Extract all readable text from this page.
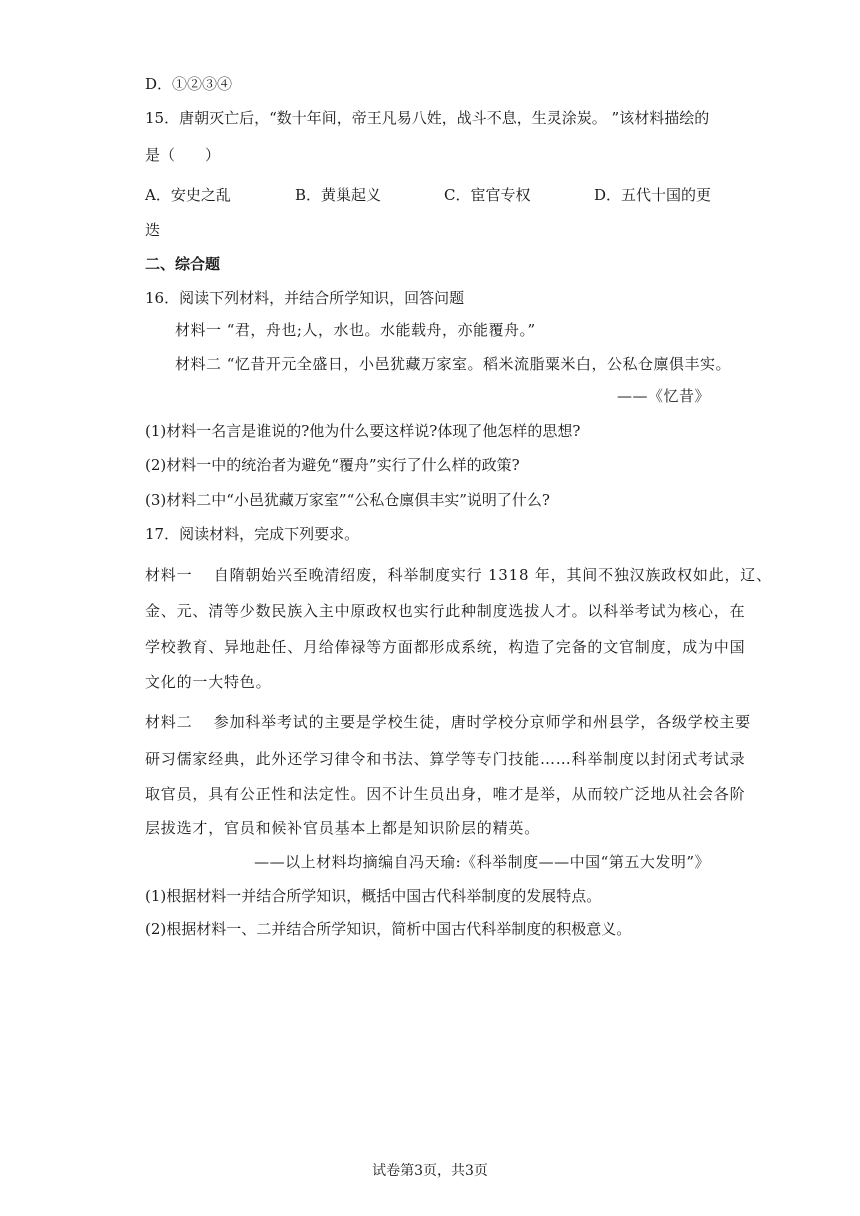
D．①②③④
15．唐朝灭亡后，“数十年间，帝王凡易八姓，战斗不息，生灵涂炭。 ”该材料描绘的
是（　　）
A．安史之乱	B．黄巢起义	C．宦官专权	D．五代十国的更
迭
二、综合题
16．阅读下列材料，并结合所学知识，回答问题
材料一 “君，舟也;人，水也。水能载舟，亦能覆舟。”
材料二 “忆昔开元全盛日，小邑犹藏万家室。稻米流脂粟米白，公私仓廪俱丰实。
——《忆昔》
(1)材料一名言是谁说的?他为什么要这样说?体现了他怎样的思想?
(2)材料一中的统治者为避免“覆舟”实行了什么样的政策?
(3)材料二中“小邑犹藏万家室”“公私仓廪俱丰实”说明了什么?
17．阅读材料，完成下列要求。
材料一　 自隋朝始兴至晚清绍废，科举制度实行 1318 年，其间不独汉族政权如此，辽、
金、元、清等少数民族入主中原政权也实行此种制度选拔人才。以科举考试为核心，在
学校教育、异地赴任、月给俸禄等方面都形成系统，构造了完备的文官制度，成为中国
文化的一大特色。
材料二　 参加科举考试的主要是学校生徒，唐时学校分京师学和州县学，各级学校主要
研习儒家经典，此外还学习律令和书法、算学等专门技能……科举制度以封闭式考试录
取官员，具有公正性和法定性。因不计生员出身，唯才是举，从而较广泛地从社会各阶
层拔选才，官员和候补官员基本上都是知识阶层的精英。
——以上材料均摘编自冯天瑜:《科举制度——中国“第五大发明”》
(1)根据材料一并结合所学知识，概括中国古代科举制度的发展特点。
(2)根据材料一、二并结合所学知识，简析中国古代科举制度的积极意义。
试卷第3页，共3页
